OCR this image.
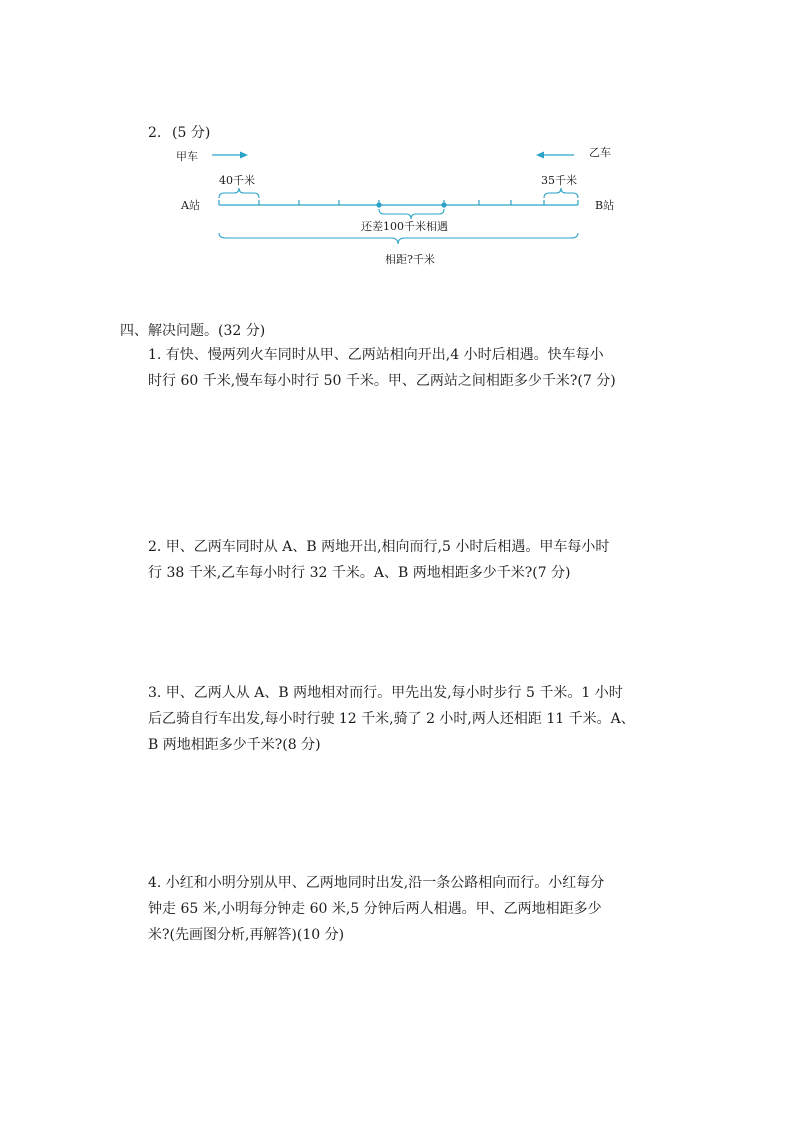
2. (5 分)
甲车	乙车
40千米	35千米
A站	B站
还差100千米相遇
相距?千米
四、解决问题。(32 分)
1. 有快、慢两列火车同时从甲、乙两站相向开出,4 小时后相遇。快车每小
时行 60 千米,慢车每小时行 50 千米。甲、乙两站之间相距多少千米?(7 分)
2. 甲、乙两车同时从 A、B 两地开出,相向而行,5 小时后相遇。甲车每小时
行 38 千米,乙车每小时行 32 千米。A、B 两地相距多少千米?(7 分)
3. 甲、乙两人从 A、B 两地相对而行。甲先出发,每小时步行 5 千米。1 小时
后乙骑自行车出发,每小时行驶 12 千米,骑了 2 小时,两人还相距 11 千米。A、
B 两地相距多少千米?(8 分)
4. 小红和小明分别从甲、乙两地同时出发,沿一条公路相向而行。小红每分
钟走 65 米,小明每分钟走 60 米,5 分钟后两人相遇。甲、乙两地相距多少
米?(先画图分析,再解答)(10 分)
